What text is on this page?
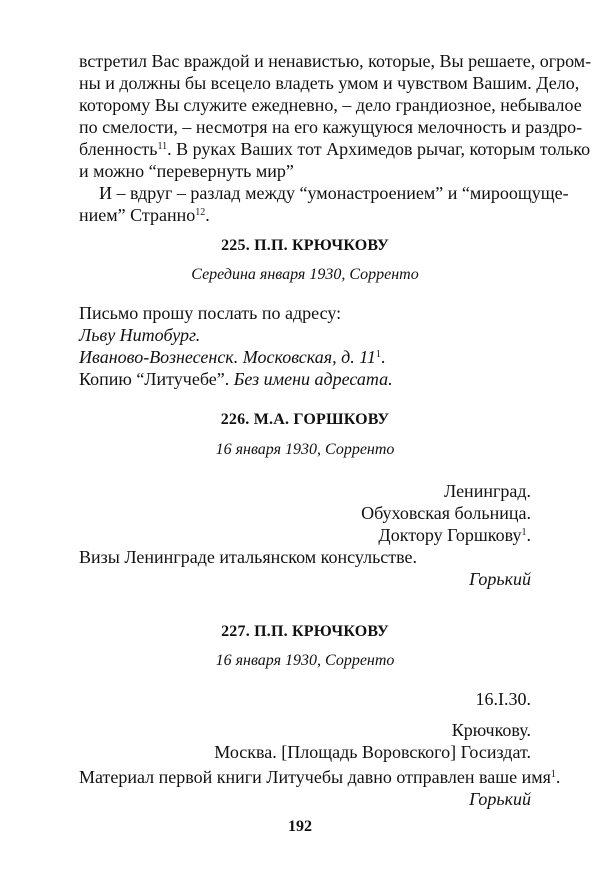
встретил Вас враждой и ненавистью, которые, Вы решаете, огром-
ны и должны бы всецело владеть умом и чувством Вашим. Дело,
которому Вы служите ежедневно, – дело грандиозное, небывалое
по смелости, – несмотря на его кажущуюся мелочность и раздро-
бленность$^{11}$. В руках Ваших тот Архимедов рычаг, которым только
и можно “перевернуть мир”
И – вдруг – разлад между “умонастроением” и “мироощуще-
нием” Странно$^{12}$.

225. П.П. КРЮЧКОВУ

Середина января 1930, Сорренто

Письмо прошу послать по адресу:
Льву Нитобург.
Иваново-Вознесенск. Московская, д. $11^1$.
Копию “Литучебе”. Без имени адресата.

226. М.А. ГОРШКОВУ

16 января 1930, Сорренто

Ленинград.
Обуховская больница.
Доктору Горшкову$^1$.
Визы Ленинграде итальянском консульстве.
Горький

227. П.П. КРЮЧКОВУ

16 января 1930, Сорренто

16.I.30.
Крючкову.
Москва. [Площадь Воровского] Госиздат.
Материал первой книги Литучебы давно отправлен ваше имя$^1$.
Горький
192
